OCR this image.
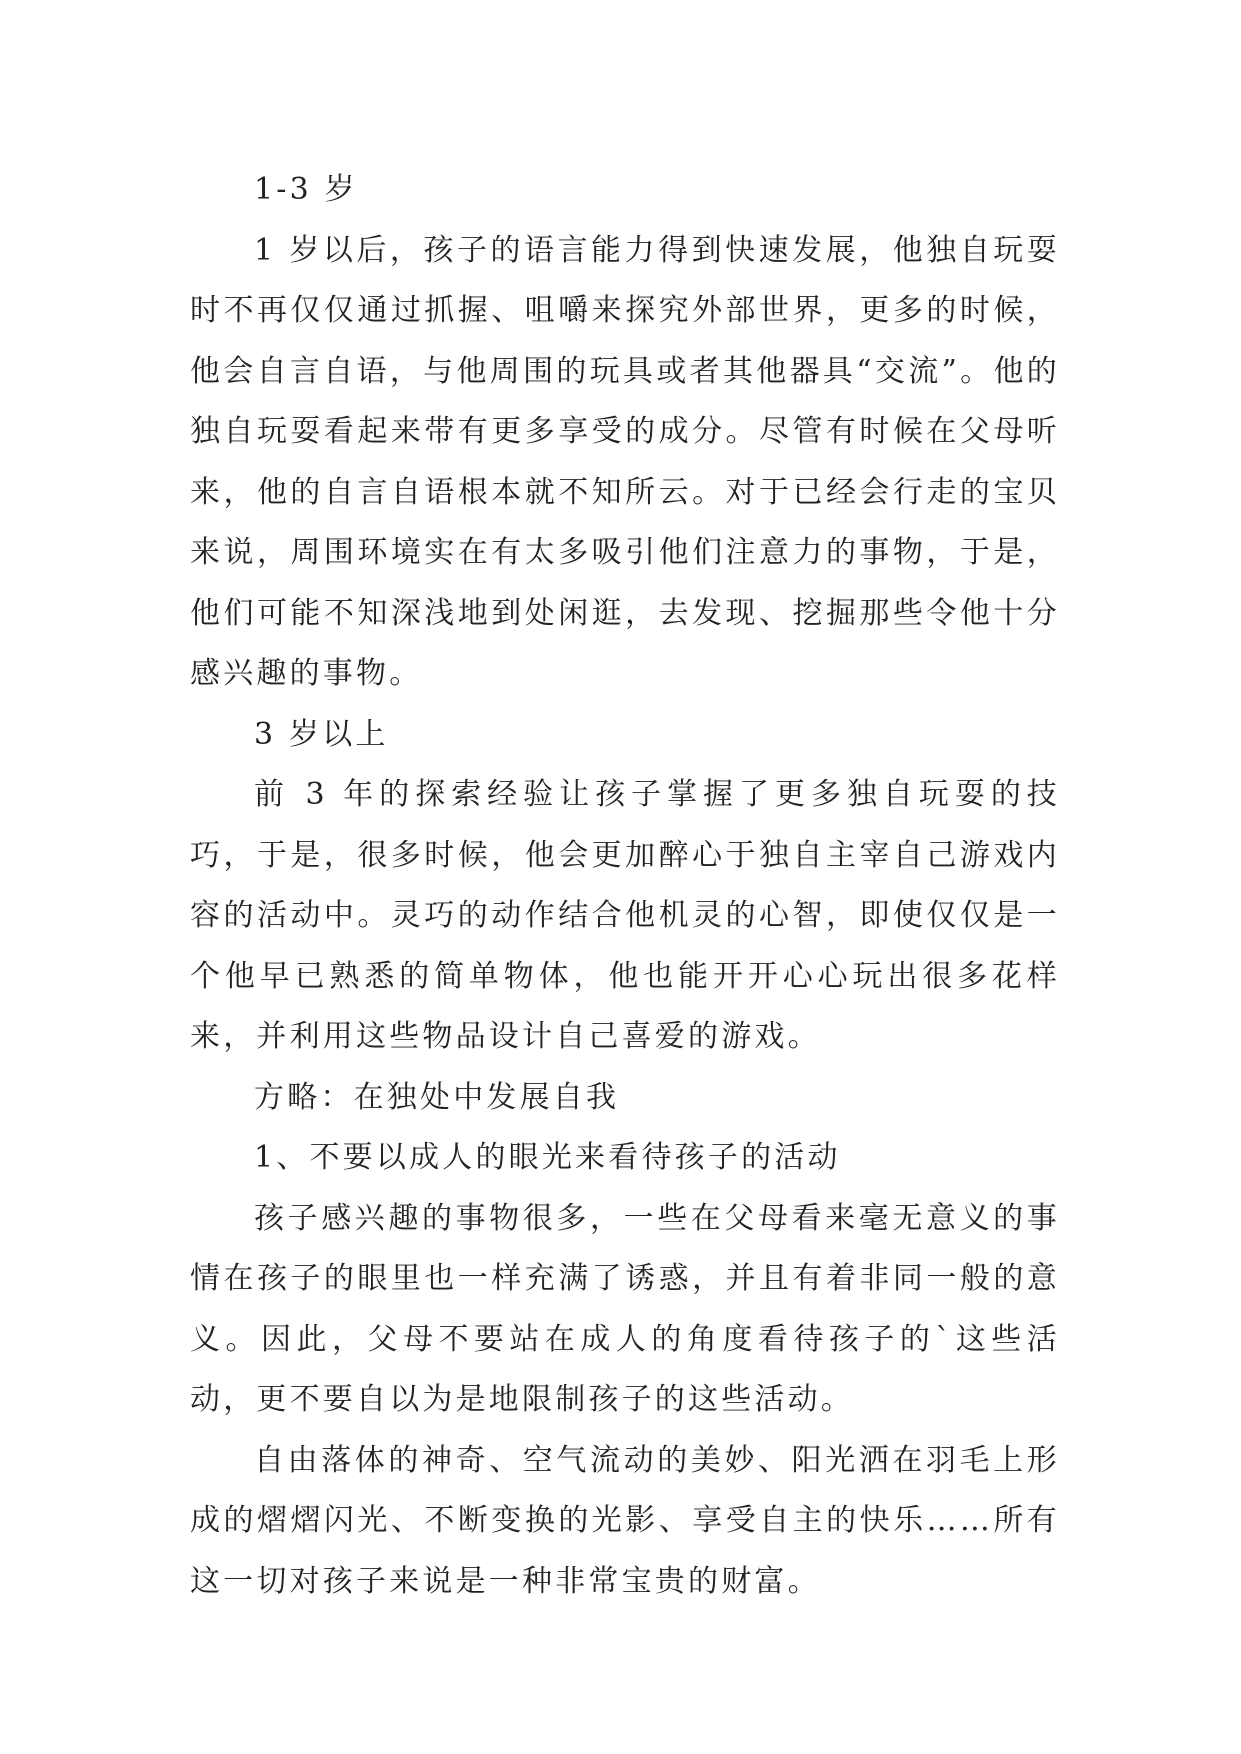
1-3 岁

1 岁以后，孩子的语言能力得到快速发展，他独自玩耍时不再仅仅通过抓握、咀嚼来探究外部世界，更多的时候，他会自言自语，与他周围的玩具或者其他器具“交流”。他的独自玩耍看起来带有更多享受的成分。尽管有时候在父母听来，他的自言自语根本就不知所云。对于已经会行走的宝贝来说，周围环境实在有太多吸引他们注意力的事物，于是，他们可能不知深浅地到处闲逛，去发现、挖掘那些令他十分感兴趣的事物。

3 岁以上

前 3 年的探索经验让孩子掌握了更多独自玩耍的技巧，于是，很多时候，他会更加醉心于独自主宰自己游戏内容的活动中。灵巧的动作结合他机灵的心智，即使仅仅是一个他早已熟悉的简单物体，他也能开开心心玩出很多花样来，并利用这些物品设计自己喜爱的游戏。

方略：在独处中发展自我

1、不要以成人的眼光来看待孩子的活动

孩子感兴趣的事物很多，一些在父母看来毫无意义的事情在孩子的眼里也一样充满了诱惑，并且有着非同一般的意义。因此，父母不要站在成人的角度看待孩子的`这些活动，更不要自以为是地限制孩子的这些活动。

自由落体的神奇、空气流动的美妙、阳光洒在羽毛上形成的熠熠闪光、不断变换的光影、享受自主的快乐……所有这一切对孩子来说是一种非常宝贵的财富。
